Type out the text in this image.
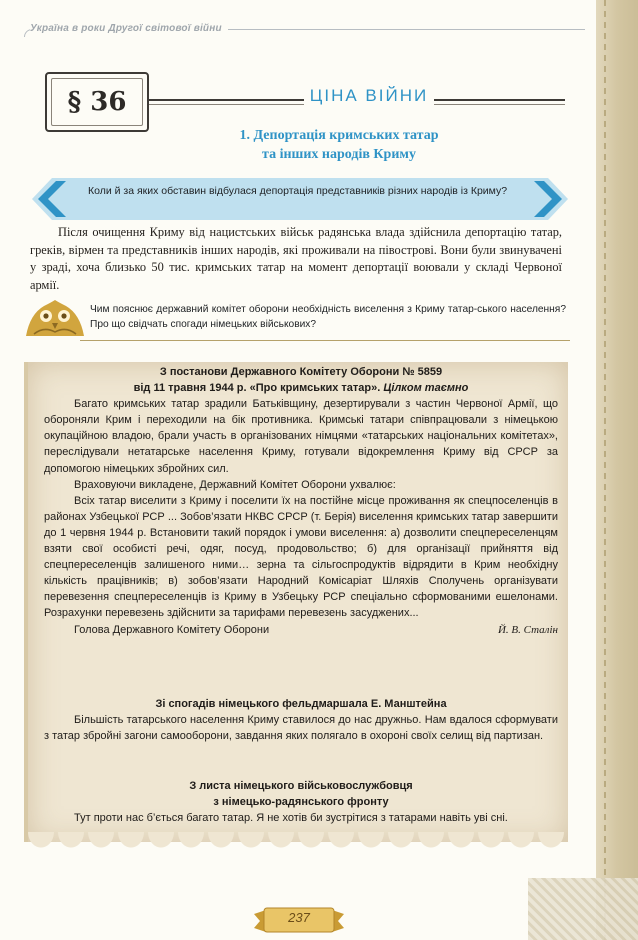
Україна в роки Другої світової війни
§ 36	ЦІНА ВІЙНИ
1. Депортація кримських татар
та інших народів Криму
Коли й за яких обставин відбулася депортація представників різних народів із Криму?
Після очищення Криму від нацистських військ радянська влада здійснила депортацію татар, греків, вірмен та представників інших народів, які проживали на півострові. Вони були звинувачені у зраді, хоча близько 50 тис. кримських татар на момент депортації воювали у складі Червоної армії.
Чим пояснює державний комітет оборони необхідність виселення з Криму татар-ського населення? Про що свідчать спогади німецьких військових?
З постанови Державного Комітету Оборони № 5859
від 11 травня 1944 р. «Про кримських татар». Цілком таємно
Багато кримських татар зрадили Батьківщину, дезертирували з частин Червоної Армії, що обороняли Крим і переходили на бік противника. Кримські татари співпрацювали з німецькою окупаційною владою, брали участь в організованих німцями «татарських національних комітетах», переслідували нетатарське населення Криму, готували відокремлення Криму від СРСР за допомогою німецьких збройних сил.
Враховуючи викладене, Державний Комітет Оборони ухвалює:
Всіх татар виселити з Криму і поселити їх на постійне місце проживання як спецпоселенців в районах Узбецької РСР ... Зобов’язати НКВС СРСР (т. Берія) виселення кримських татар завершити до 1 червня 1944 р. Встановити такий порядок і умови виселення: а) дозволити спецпереселенцям взяти свої особисті речі, одяг, посуд, продовольство; б) для організації прийняття від спецпереселенців залишеного ними… зерна та сільгоспродуктів відрядити в Крим необхідну кількість працівників; в) зобов’язати Народний Комісаріат Шляхів Сполучень організувати перевезення спецпереселенців із Криму в Узбецьку РСР спеціально сформованими ешелонами. Розрахунки перевезень здійснити за тарифами перевезень засуджених...
Голова Державного Комітету Оборони	Й. В. Сталін
Зі спогадів німецького фельдмаршала Е. Манштейна
Більшість татарського населення Криму ставилося до нас дружньо. Нам вдалося сформувати з татар збройні загони самооборони, завдання яких полягало в охороні своїх селищ від партизан.
З листа німецького військовослужбовця
з німецько-радянського фронту
Тут проти нас б’ється багато татар. Я не хотів би зустрітися з татарами навіть уві сні.
237
